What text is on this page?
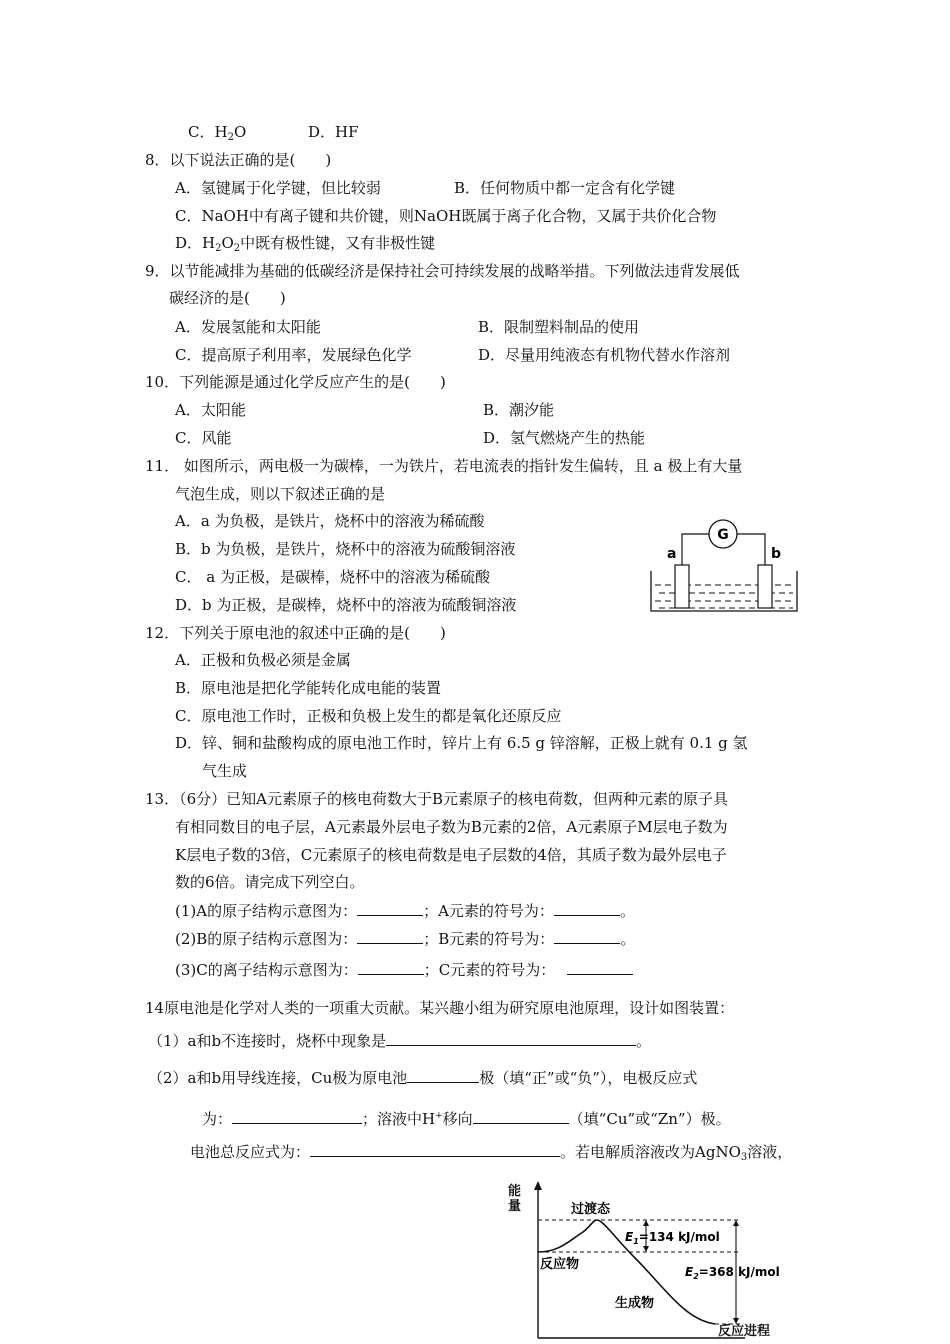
C．$H_2O$	D．HF
8．以下说法正确的是(　　)
A．氢键属于化学键，但比较弱	B．任何物质中都一定含有化学键
C．NaOH中有离子键和共价键，则NaOH既属于离子化合物，又属于共价化合物
D．$H_2O_2$中既有极性键，又有非极性键
9．以节能减排为基础的低碳经济是保持社会可持续发展的战略举措。下列做法违背发展低
碳经济的是(　　)
A．发展氢能和太阳能	B．限制塑料制品的使用
C．提高原子利用率，发展绿色化学	D．尽量用纯液态有机物代替水作溶剂
10．下列能源是通过化学反应产生的是(　　)
A．太阳能	B．潮汐能
C．风能	D．氢气燃烧产生的热能
11． 如图所示，两电极一为碳棒，一为铁片，若电流表的指针发生偏转，且 a 极上有大量
气泡生成，则以下叙述正确的是
A．a 为负极，是铁片，烧杯中的溶液为稀硫酸
B．b 为负极，是铁片，烧杯中的溶液为硫酸铜溶液
C． a 为正极，是碳棒，烧杯中的溶液为稀硫酸
D．b 为正极，是碳棒，烧杯中的溶液为硫酸铜溶液
G
a	b
12．下列关于原电池的叙述中正确的是(　　)
A．正极和负极必须是金属
B．原电池是把化学能转化成电能的装置
C．原电池工作时，正极和负极上发生的都是氧化还原反应
D．锌、铜和盐酸构成的原电池工作时，锌片上有 6.5 g 锌溶解，正极上就有 0.1 g 氢
气生成
13．（6分）已知A元素原子的核电荷数大于B元素原子的核电荷数，但两种元素的原子具
有相同数目的电子层，A元素最外层电子数为B元素的2倍，A元素原子M层电子数为
K层电子数的3倍，C元素原子的核电荷数是电子层数的4倍，其质子数为最外层电子
数的6倍。请完成下列空白。
(1)A的原子结构示意图为：	；A元素的符号为：	。
(2)B的原子结构示意图为：	；B元素的符号为：	。
(3)C的离子结构示意图为：	；C元素的符号为：
14原电池是化学对人类的一项重大贡献。某兴趣小组为研究原电池原理，设计如图装置：
（1）a和b不连接时，烧杯中现象是	。
（2）a和b用导线连接，Cu极为原电池	极（填“正”或“负”），电极反应式
为：	；溶液中H+移向	（填“Cu”或“Zn”）极。
电池总反应式为：	。若电解质溶液改为AgNO$_3$溶液，
过渡态
反应物
生成物
$E_1=134$ kJ/mol
$E_2=368$ kJ/mol
能量
反应进程
